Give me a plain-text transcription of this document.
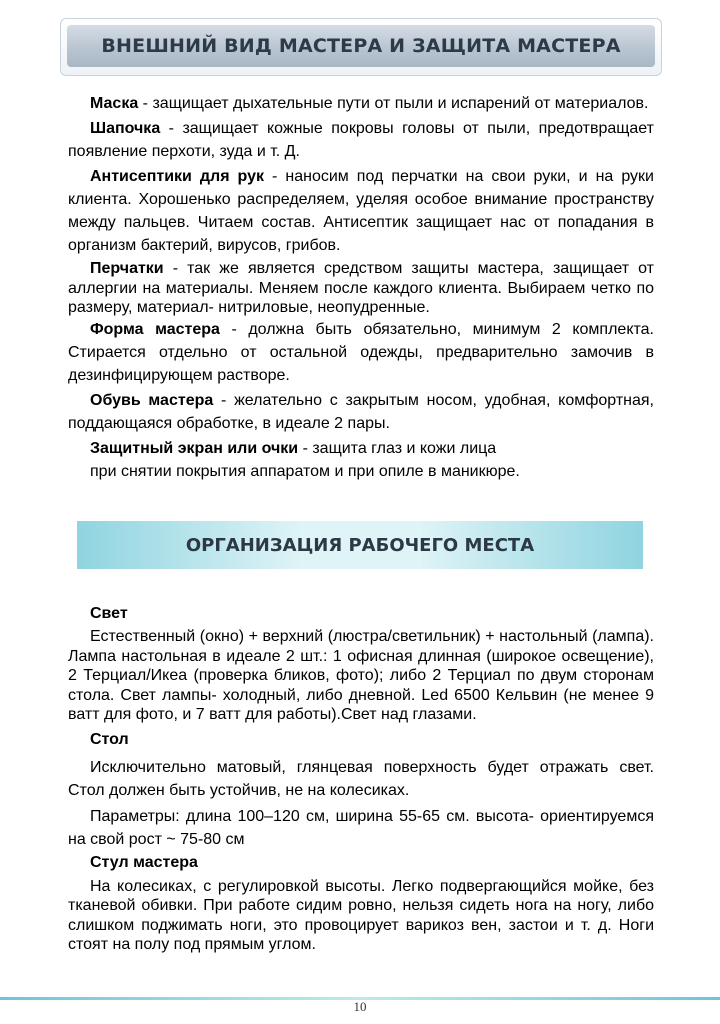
ВНЕШНИЙ ВИД МАСТЕРА И ЗАЩИТА МАСТЕРА

Маска - защищает дыхательные пути от пыли и испарений от материалов.

Шапочка - защищает кожные покровы головы от пыли, предотвращает появление перхоти, зуда и т. Д.

Антисептики для рук - наносим под перчатки на свои руки, и на руки клиента. Хорошенько распределяем, уделяя особое внимание пространству между пальцев. Читаем состав. Антисептик защищает нас от попадания в организм бактерий, вирусов, грибов.

Перчатки - так же является средством защиты мастера, защищает от аллергии на материалы. Меняем после каждого клиента. Выбираем четко по размеру, материал- нитриловые, неопудренные.

Форма мастера - должна быть обязательно, минимум 2 комплекта. Стирается отдельно от остальной одежды, предварительно замочив в дезинфицирующем растворе.

Обувь мастера - желательно с закрытым носом, удобная, комфортная, поддающаяся обработке, в идеале 2 пары.

Защитный экран или очки - защита глаз и кожи лица

при снятии покрытия аппаратом и при опиле в маникюре.

ОРГАНИЗАЦИЯ РАБОЧЕГО МЕСТА

Свет

Естественный (окно) + верхний (люстра/светильник) + настольный (лампа). Лампа настольная в идеале 2 шт.: 1 офисная длинная (широкое освещение), 2 Терциал/Икеа (проверка бликов, фото); либо 2 Терциал по двум сторонам стола. Свет лампы- холодный, либо дневной. Led 6500 Кельвин (не менее 9 ватт для фото, и 7 ватт для работы).Свет над глазами.

Стол

Исключительно матовый, глянцевая поверхность будет отражать свет. Стол должен быть устойчив, не на колесиках.

Параметры: длина 100–120 см, ширина 55-65 см. высота- ориентируемся на свой рост ~ 75-80 см

Стул мастера

На колесиках, с регулировкой высоты. Легко подвергающийся мойке, без тканевой обивки. При работе сидим ровно, нельзя сидеть нога на ногу, либо слишком поджимать ноги, это провоцирует варикоз вен, застои и т. д. Ноги стоят на полу под прямым углом.

10
